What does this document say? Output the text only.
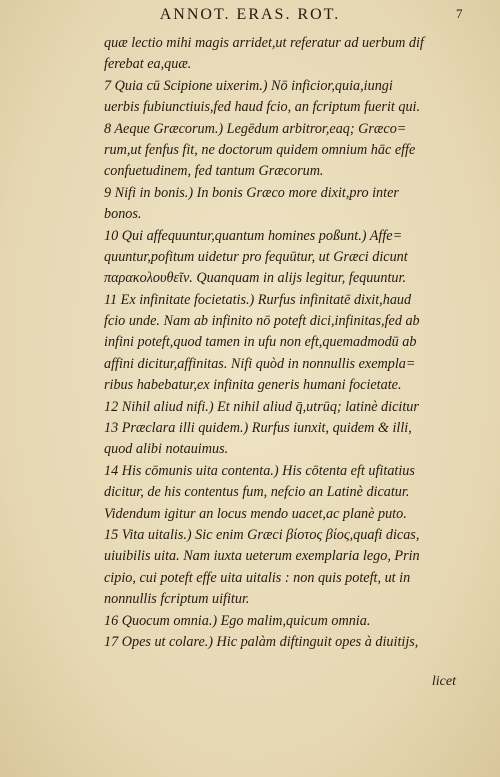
ANNOT. ERAS. ROT.	7
quæ lectio mihi magis arridet,ut referatur ad uerbum dif
ferebat ea,quæ.
7 Quia cū Scipione uixerim.) Nō inficior,quia,iungi
uerbis fubiunctiuis,fed haud fcio, an fcriptum fuerit qui.
8 Aeque Græcorum.) Legēdum arbitror,eaq; Græco=
rum,ut fenfus fit, ne doctorum quidem omnium hāc effe
confuetudinem, fed tantum Græcorum.
9 Nifi in bonis.) In bonis Græco more dixit,pro inter
bonos.
10 Qui affequuntur,quantum homines poßunt.) Affe=
quuntur,pofitum uidetur pro fequūtur, ut Græci dicunt
παρακολουθεῖν. Quanquam in alijs legitur, fequuntur.
11 Ex infinitate focietatis.) Rurfus infinitatē dixit,haud
fcio unde. Nam ab infinito nō poteft dici,infinitas,fed ab
infini poteft,quod tamen in ufu non eft,quemadmodū ab
affini dicitur,affinitas. Nifi quòd in nonnullis exempla=
ribus habebatur,ex infinita generis humani focietate.
12 Nihil aliud nifi.) Et nihil aliud q̄,utrūq; latinè dicitur
13 Præclara illi quidem.) Rurfus iunxit, quidem & illi,
quod alibi notauimus.
14 His cōmunis uita contenta.) His cōtenta eft ufitatius
dicitur, de his contentus fum, nefcio an Latinè dicatur.
Videndum igitur an locus mendo uacet,ac planè puto.
15 Vita uitalis.) Sic enim Græci βίοτος βίος,quafi dicas,
uiuibilis uita. Nam iuxta ueterum exemplaria lego, Prin
cipio, cui poteft effe uita uitalis : non quis poteft, ut in
nonnullis fcriptum uifitur.
16 Quocum omnia.) Ego malim,quicum omnia.
17 Opes ut colare.) Hic palàm diftinguit opes à diuitijs,
licet
